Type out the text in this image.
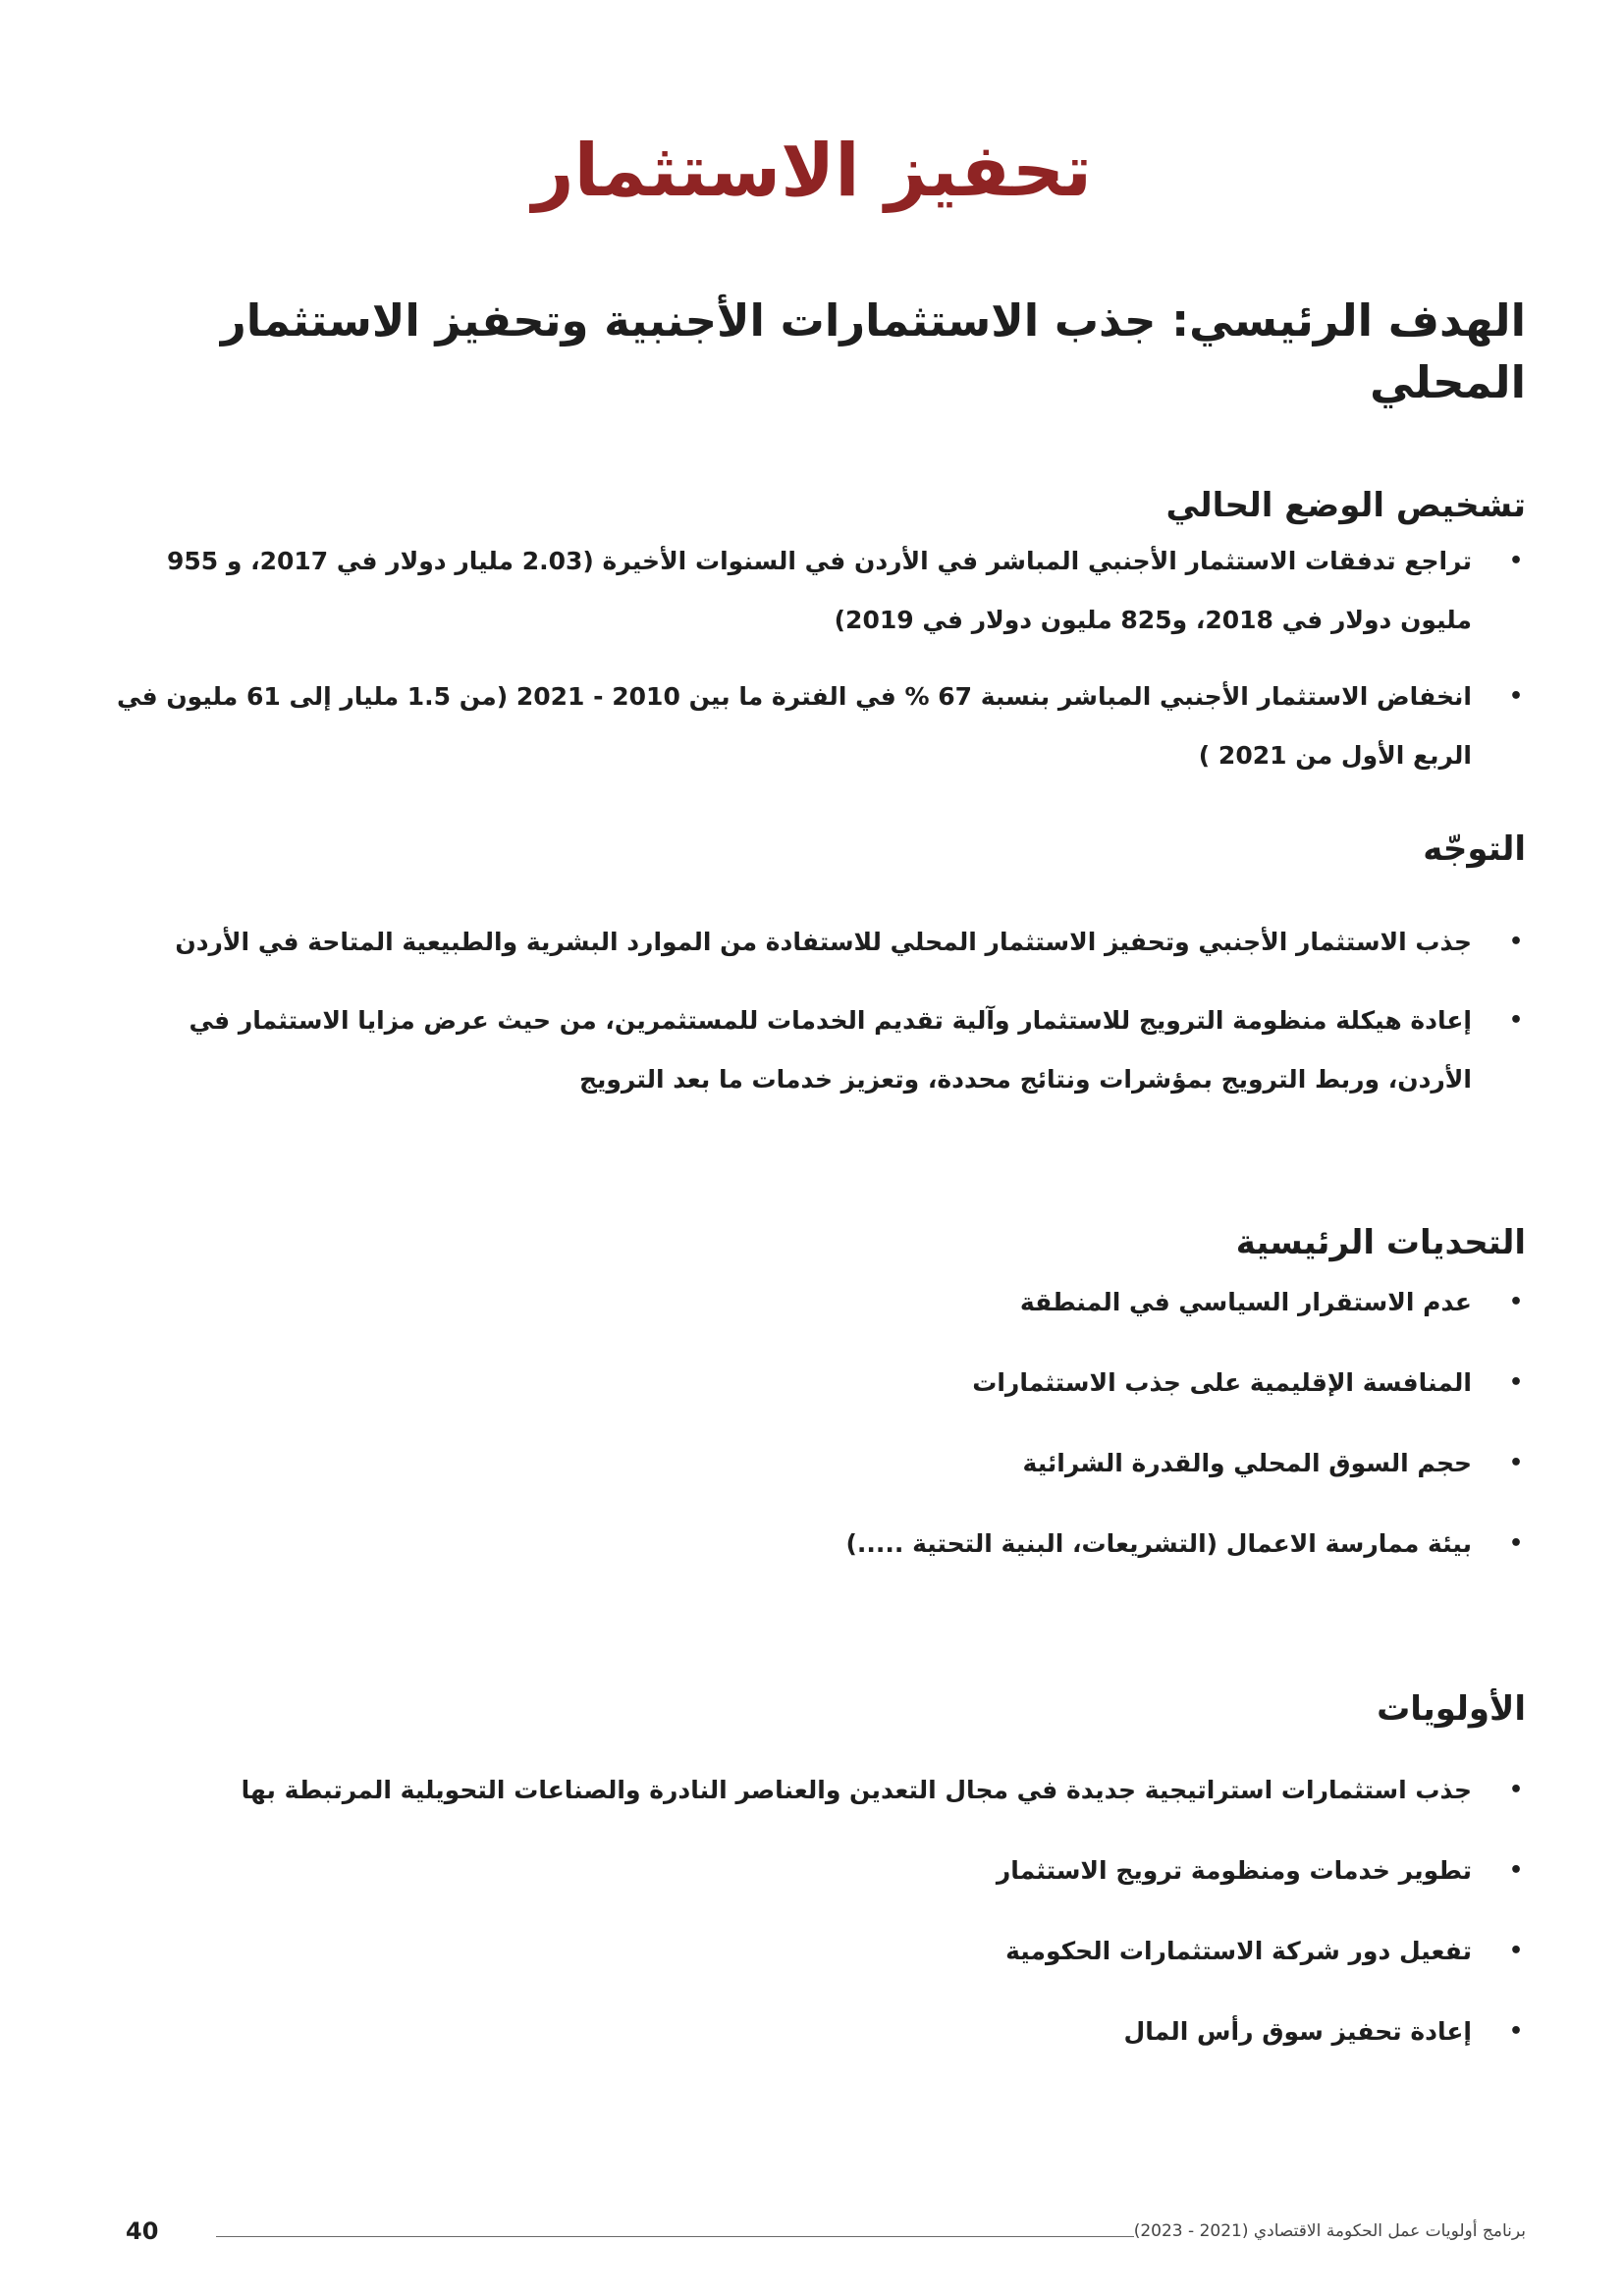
تحفيز الاستثمار
الهدف الرئيسي: جذب الاستثمارات الأجنبية وتحفيز الاستثمار المحلي
تشخيص الوضع الحالي
•
تراجع تدفقات الاستثمار الأجنبي المباشر في الأردن في السنوات الأخيرة (2.03 مليار دولار في 2017، و 955 مليون دولار في 2018، و825 مليون دولار في 2019)
•
انخفاض الاستثمار الأجنبي المباشر بنسبة 67 % في الفترة ما بين 2010 - 2021 (من 1.5 مليار إلى 61 مليون في الربع الأول من 2021 )
التوجّه
•
جذب الاستثمار الأجنبي وتحفيز الاستثمار المحلي للاستفادة من الموارد البشرية والطبيعية المتاحة في الأردن
•
إعادة هيكلة منظومة الترويج للاستثمار وآلية تقديم الخدمات للمستثمرين، من حيث عرض مزايا الاستثمار في الأردن، وربط الترويج بمؤشرات ونتائج محددة، وتعزيز خدمات ما بعد الترويج
التحديات الرئيسية
•
عدم الاستقرار السياسي في المنطقة
•
المنافسة الإقليمية على جذب الاستثمارات
•
حجم السوق المحلي والقدرة الشرائية
•
بيئة ممارسة الاعمال (التشريعات، البنية التحتية .....)
الأولويات
•
جذب استثمارات استراتيجية جديدة في مجال التعدين والعناصر النادرة والصناعات التحويلية المرتبطة بها
•
تطوير خدمات ومنظومة ترويج الاستثمار
•
تفعيل دور شركة الاستثمارات الحكومية
•
إعادة تحفيز سوق رأس المال
برنامج أولويات عمل الحكومة الاقتصادي (2021 - 2023)
40
